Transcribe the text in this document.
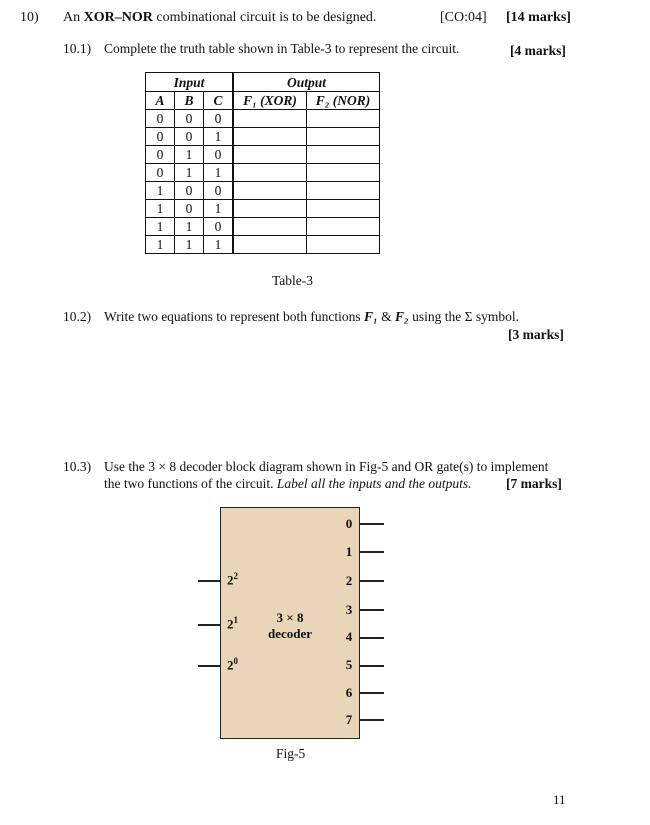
10) An XOR–NOR combinational circuit is to be designed.	[CO:04] [14 marks]
10.1) Complete the truth table shown in Table-3 to represent the circuit.	[4 marks]
Input			Output	
A	B	C	F₁ (XOR)	F₂ (NOR)
0	0	0		
0	0	1		
0	1	0		
0	1	1		
1	0	0		
1	0	1		
1	1	0		
1	1	1		
Table-3
10.2) Write two equations to represent both functions F₁ & F₂ using the Σ symbol.
[3 marks]
10.3) Use the 3 × 8 decoder block diagram shown in Fig-5 and OR gate(s) to implement
the two functions of the circuit. Label all the inputs and the outputs.	[7 marks]
3 × 8
decoder
$2^2$
$2^1$
$2^0$
0
1
2
3
4
5
6
7
Fig-5
11
